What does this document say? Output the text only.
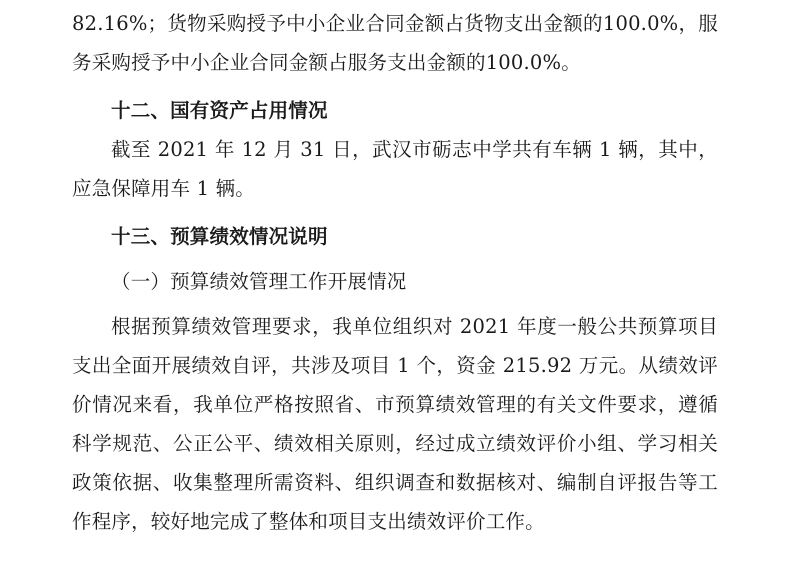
82.16%；货物采购授予中小企业合同金额占货物支出金额的100.0%，服务采购授予中小企业合同金额占服务支出金额的100.0%。

十二、国有资产占用情况

截至 2021 年 12 月 31 日，武汉市砺志中学共有车辆 1 辆，其中，应急保障用车 1 辆。

十三、预算绩效情况说明

（一）预算绩效管理工作开展情况

根据预算绩效管理要求，我单位组织对 2021 年度一般公共预算项目支出全面开展绩效自评，共涉及项目 1 个，资金 215.92 万元。从绩效评价情况来看，我单位严格按照省、市预算绩效管理的有关文件要求，遵循科学规范、公正公平、绩效相关原则，经过成立绩效评价小组、学习相关政策依据、收集整理所需资料、组织调查和数据核对、编制自评报告等工作程序，较好地完成了整体和项目支出绩效评价工作。
